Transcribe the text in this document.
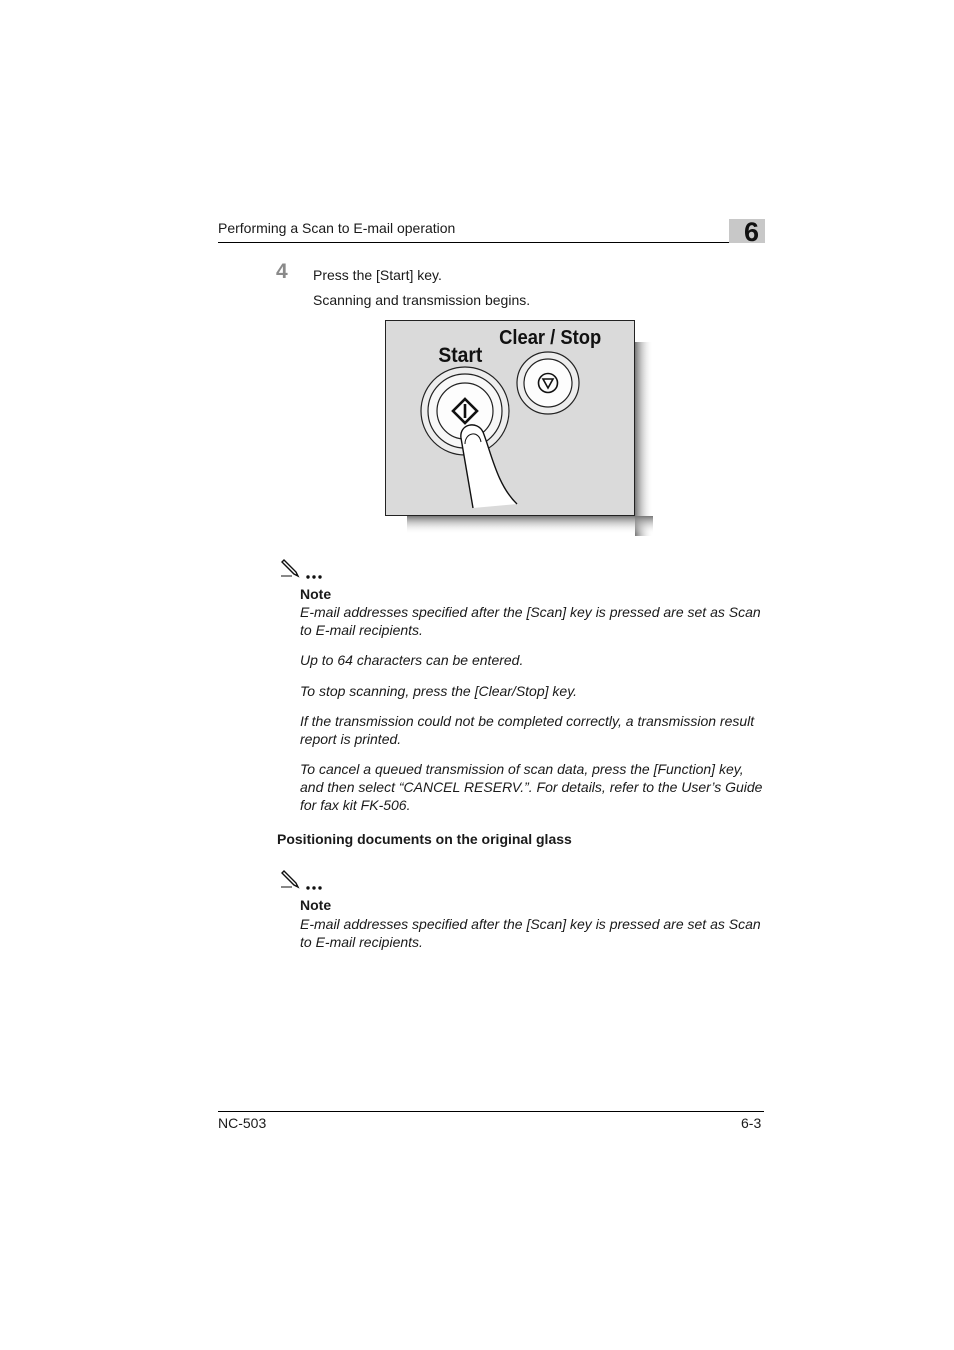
Performing a Scan to E-mail operation	6
4 Press the [Start] key.
Scanning and transmission begins.
Start
Clear / Stop
Note
E-mail addresses specified after the [Scan] key is pressed are set as Scan to E-mail recipients.
Up to 64 characters can be entered.
To stop scanning, press the [Clear/Stop] key.
If the transmission could not be completed correctly, a transmission result report is printed.
To cancel a queued transmission of scan data, press the [Function] key, and then select “CANCEL RESERV.”. For details, refer to the User’s Guide for fax kit FK-506.
Positioning documents on the original glass
Note
E-mail addresses specified after the [Scan] key is pressed are set as Scan to E-mail recipients.
NC-503	6-3
